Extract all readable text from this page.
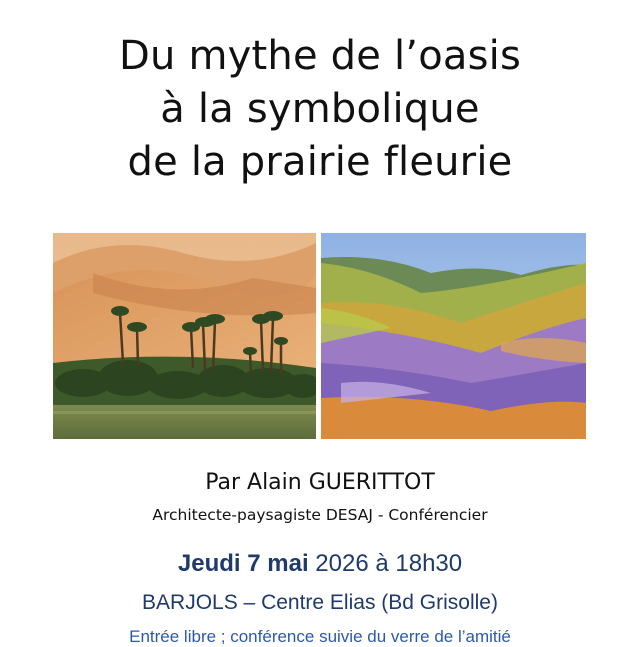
Du mythe de l’oasis
à la symbolique
de la prairie fleurie
Par Alain GUERITTOT
Architecte-paysagiste DESAJ - Conférencier
Jeudi 7 mai 2026 à 18h30
BARJOLS – Centre Elias (Bd Grisolle)
Entrée libre ; conférence suivie du verre de l’amitié
